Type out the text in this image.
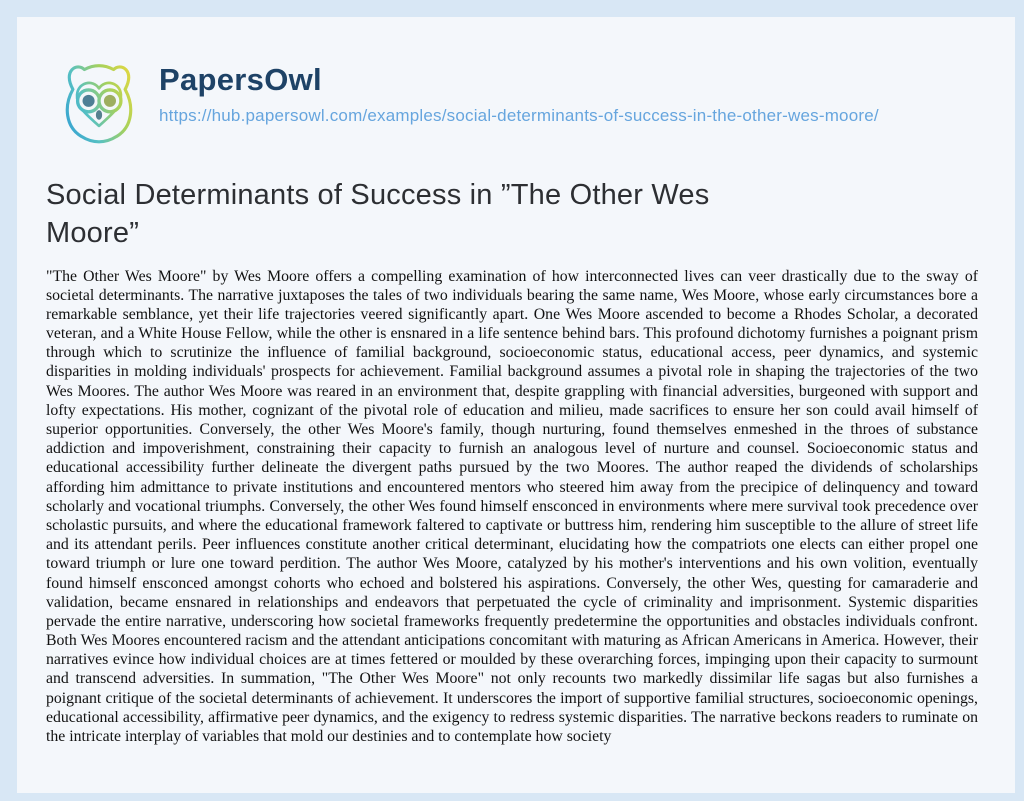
PapersOwl
https://hub.papersowl.com/examples/social-determinants-of-success-in-the-other-wes-moore/
Social Determinants of Success in ”The Other Wes Moore”

"The Other Wes Moore" by Wes Moore offers a compelling examination of how interconnected lives can veer drastically due to the sway of societal determinants. The narrative juxtaposes the tales of two individuals bearing the same name, Wes Moore, whose early circumstances bore a remarkable semblance, yet their life trajectories veered significantly apart. One Wes Moore ascended to become a Rhodes Scholar, a decorated veteran, and a White House Fellow, while the other is ensnared in a life sentence behind bars. This profound dichotomy furnishes a poignant prism through which to scrutinize the influence of familial background, socioeconomic status, educational access, peer dynamics, and systemic disparities in molding individuals' prospects for achievement. Familial background assumes a pivotal role in shaping the trajectories of the two Wes Moores. The author Wes Moore was reared in an environment that, despite grappling with financial adversities, burgeoned with support and lofty expectations. His mother, cognizant of the pivotal role of education and milieu, made sacrifices to ensure her son could avail himself of superior opportunities. Conversely, the other Wes Moore's family, though nurturing, found themselves enmeshed in the throes of substance addiction and impoverishment, constraining their capacity to furnish an analogous level of nurture and counsel. Socioeconomic status and educational accessibility further delineate the divergent paths pursued by the two Moores. The author reaped the dividends of scholarships affording him admittance to private institutions and encountered mentors who steered him away from the precipice of delinquency and toward scholarly and vocational triumphs. Conversely, the other Wes found himself ensconced in environments where mere survival took precedence over scholastic pursuits, and where the educational framework faltered to captivate or buttress him, rendering him susceptible to the allure of street life and its attendant perils. Peer influences constitute another critical determinant, elucidating how the compatriots one elects can either propel one toward triumph or lure one toward perdition. The author Wes Moore, catalyzed by his mother's interventions and his own volition, eventually found himself ensconced amongst cohorts who echoed and bolstered his aspirations. Conversely, the other Wes, questing for camaraderie and validation, became ensnared in relationships and endeavors that perpetuated the cycle of criminality and imprisonment. Systemic disparities pervade the entire narrative, underscoring how societal frameworks frequently predetermine the opportunities and obstacles individuals confront. Both Wes Moores encountered racism and the attendant anticipations concomitant with maturing as African Americans in America. However, their narratives evince how individual choices are at times fettered or moulded by these overarching forces, impinging upon their capacity to surmount and transcend adversities. In summation, "The Other Wes Moore" not only recounts two markedly dissimilar life sagas but also furnishes a poignant critique of the societal determinants of achievement. It underscores the import of supportive familial structures, socioeconomic openings, educational accessibility, affirmative peer dynamics, and the exigency to redress systemic disparities. The narrative beckons readers to ruminate on the intricate interplay of variables that mold our destinies and to contemplate how society
